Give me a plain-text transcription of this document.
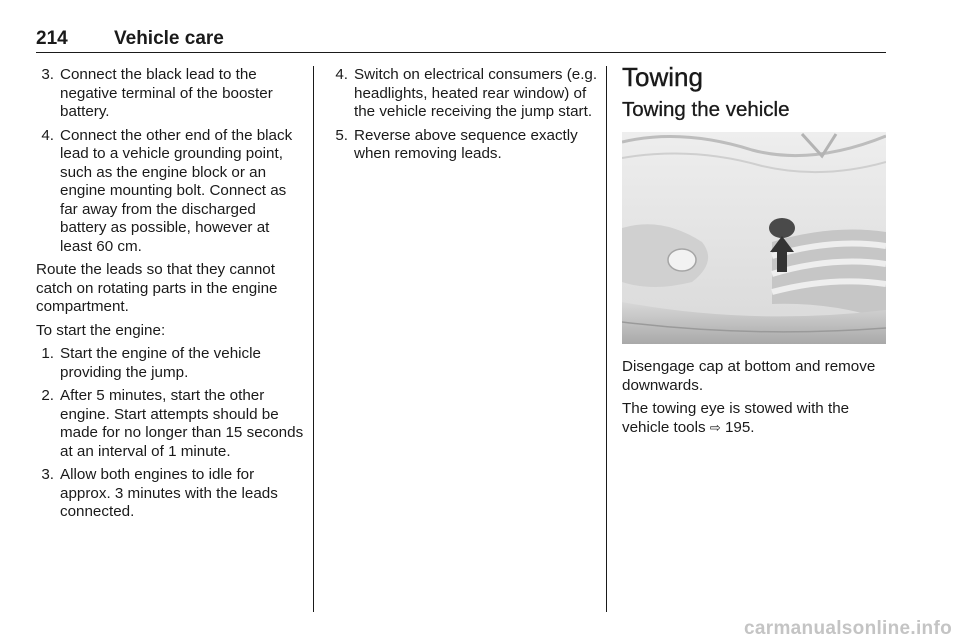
214 Vehicle care
3. Connect the black lead to the negative terminal of the booster battery.
4. Connect the other end of the black lead to a vehicle grounding point, such as the engine block or an engine mounting bolt. Connect as far away from the discharged battery as possible, however at least 60 cm.

Route the leads so that they cannot catch on rotating parts in the engine compartment.

To start the engine:

1. Start the engine of the vehicle providing the jump.
2. After 5 minutes, start the other engine. Start attempts should be made for no longer than 15 seconds at an interval of 1 minute.
3. Allow both engines to idle for approx. 3 minutes with the leads connected.
4. Switch on electrical consumers (e.g. headlights, heated rear window) of the vehicle receiving the jump start.
5. Reverse above sequence exactly when removing leads.
Towing
Towing the vehicle

Disengage cap at bottom and remove downwards.

The towing eye is stowed with the vehicle tools ⇨ 195.

carmanualsonline.info
